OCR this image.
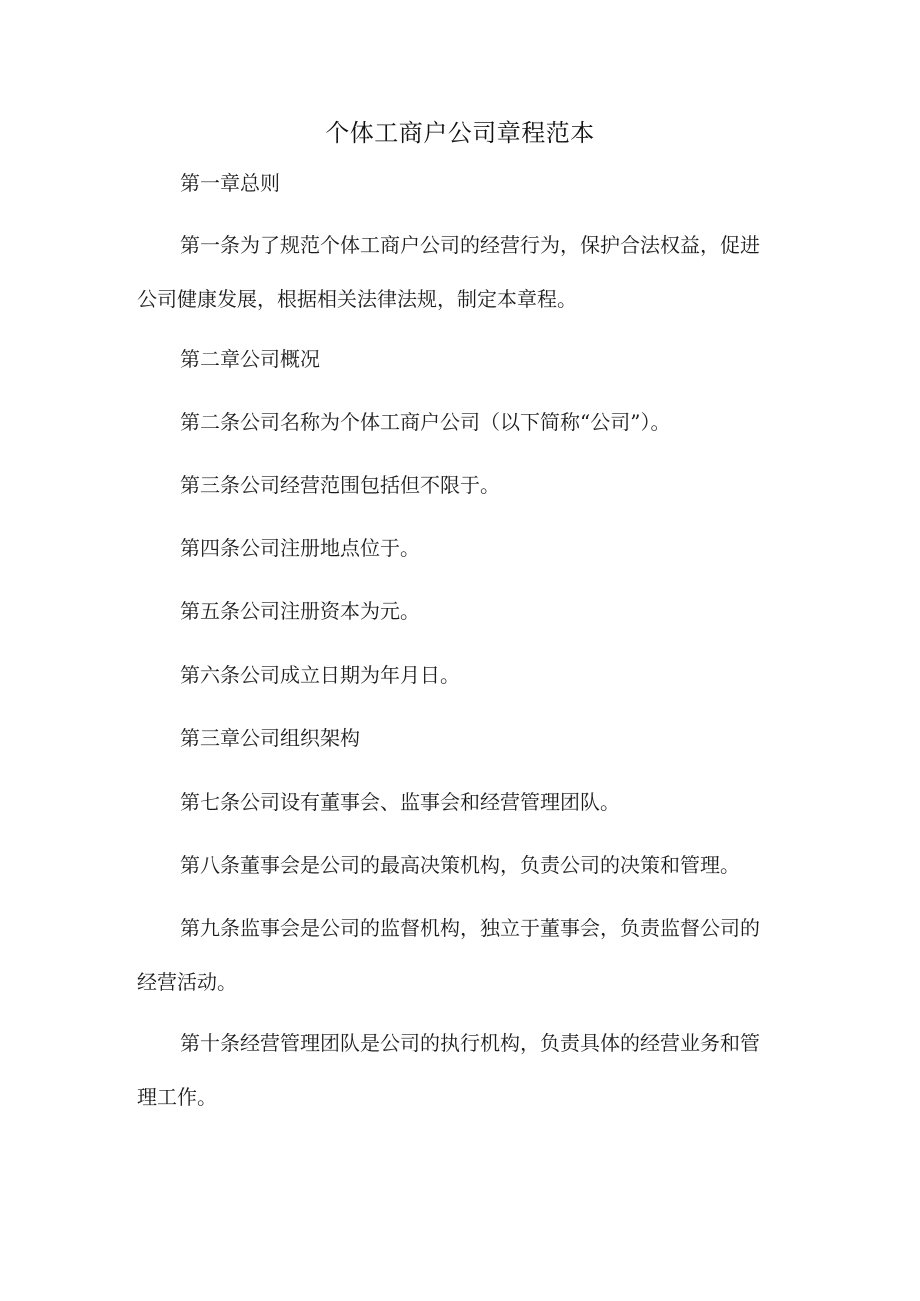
个体工商户公司章程范本

第一章总则

第一条为了规范个体工商户公司的经营行为，保护合法权益，促进公司健康发展，根据相关法律法规，制定本章程。

第二章公司概况

第二条公司名称为个体工商户公司（以下简称“公司”）。

第三条公司经营范围包括但不限于。

第四条公司注册地点位于。

第五条公司注册资本为元。

第六条公司成立日期为年月日。

第三章公司组织架构

第七条公司设有董事会、监事会和经营管理团队。

第八条董事会是公司的最高决策机构，负责公司的决策和管理。

第九条监事会是公司的监督机构，独立于董事会，负责监督公司的经营活动。

第十条经营管理团队是公司的执行机构，负责具体的经营业务和管理工作。
